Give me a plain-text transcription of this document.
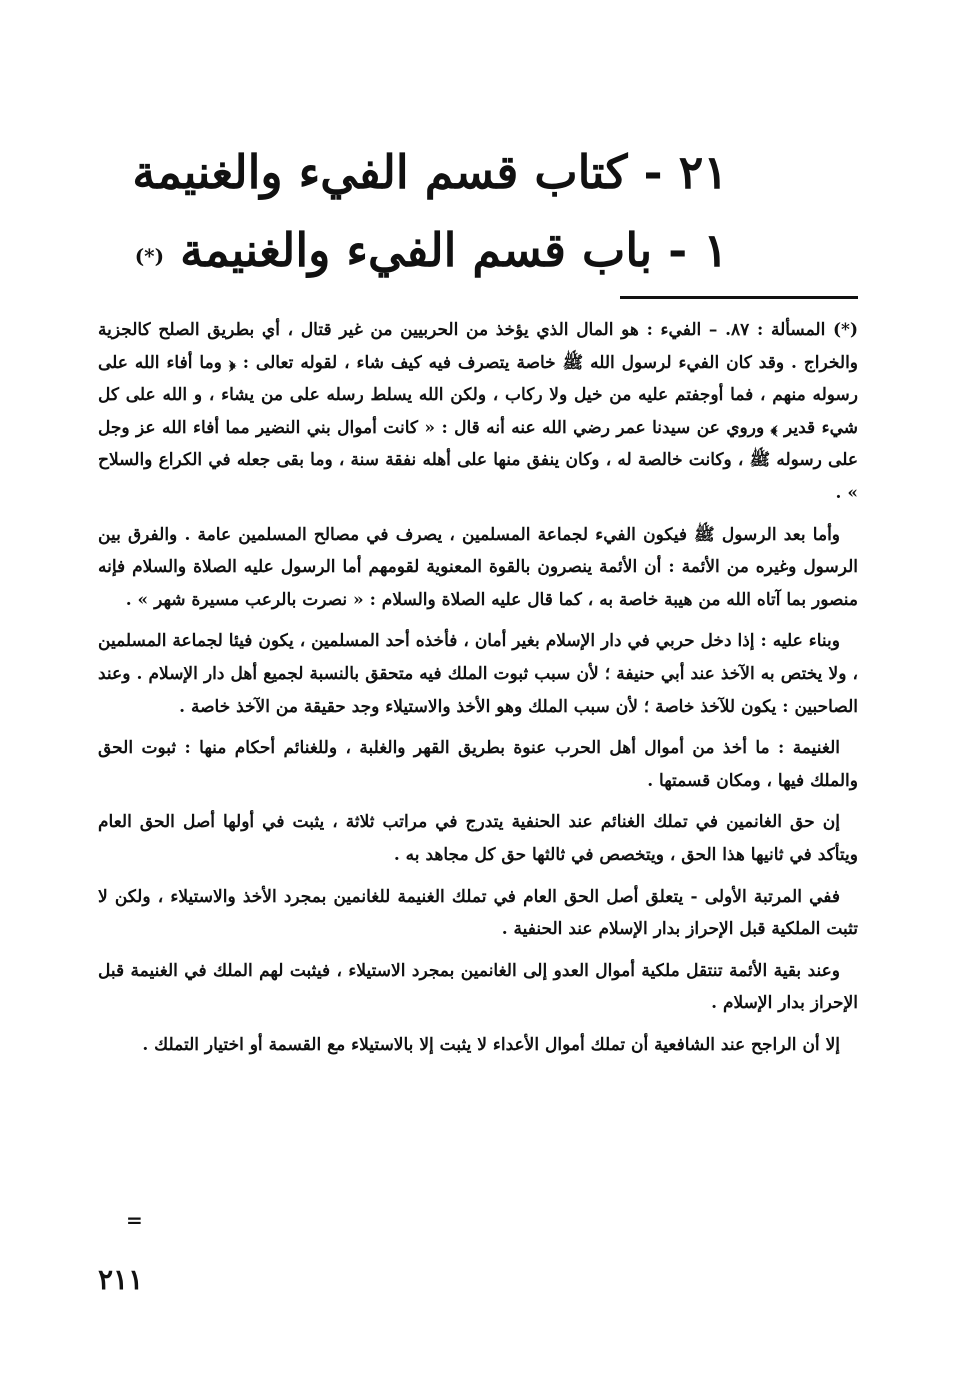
٢١ - كتاب قسم الفيء والغنيمة
١ - باب قسم الفيء والغنيمة (*)

(*) المسألة : ٨٧. – الفيء : هو المال الذي يؤخذ من الحربيين من غير قتال ، أي بطريق الصلح كالجزية والخراج . وقد كان الفيء لرسول الله ﷺ خاصة يتصرف فيه كيف شاء ، لقوله تعالى : ﴿ وما أفاء الله على رسوله منهم ، فما أوجفتم عليه من خيل ولا ركاب ، ولكن الله يسلط رسله على من يشاء ، و الله على كل شيء قدير ﴾ وروي عن سيدنا عمر رضي الله عنه أنه قال : « كانت أموال بني النضير مما أفاء الله عز وجل على رسوله ﷺ ، وكانت خالصة له ، وكان ينفق منها على أهله نفقة سنة ، وما بقى جعله في الكراع والسلاح » .

وأما بعد الرسول ﷺ فيكون الفيء لجماعة المسلمين ، يصرف في مصالح المسلمين عامة . والفرق بين الرسول وغيره من الأئمة : أن الأئمة ينصرون بالقوة المعنوية لقومهم أما الرسول عليه الصلاة والسلام فإنه منصور بما آتاه الله من هيبة خاصة به ، كما قال عليه الصلاة والسلام : « نصرت بالرعب مسيرة شهر » .

وبناء عليه : إذا دخل حربي في دار الإسلام بغير أمان ، فأخذه أحد المسلمين ، يكون فيئا لجماعة المسلمين ، ولا يختص به الآخذ عند أبي حنيفة ؛ لأن سبب ثبوت الملك فيه متحقق بالنسبة لجميع أهل دار الإسلام . وعند الصاحبين : يكون للآخذ خاصة ؛ لأن سبب الملك وهو الأخذ والاستيلاء وجد حقيقة من الآخذ خاصة .

الغنيمة : ما أخذ من أموال أهل الحرب عنوة بطريق القهر والغلبة ، وللغنائم أحكام منها : ثبوت الحق والملك فيها ، ومكان قسمتها .

إن حق الغانمين في تملك الغنائم عند الحنفية يتدرج في مراتب ثلاثة ، يثبت في أولها أصل الحق العام ويتأكد في ثانيها هذا الحق ، ويتخصص في ثالثها حق كل مجاهد به .

ففي المرتبة الأولى - يتعلق أصل الحق العام في تملك الغنيمة للغانمين بمجرد الأخذ والاستيلاء ، ولكن لا تثبت الملكية قبل الإحراز بدار الإسلام عند الحنفية .

وعند بقية الأئمة تنتقل ملكية أموال العدو إلى الغانمين بمجرد الاستيلاء ، فيثبت لهم الملك في الغنيمة قبل الإحراز بدار الإسلام .

إلا أن الراجح عند الشافعية أن تملك أموال الأعداء لا يثبت إلا بالاستيلاء مع القسمة أو اختيار التملك .

=
٢١١
